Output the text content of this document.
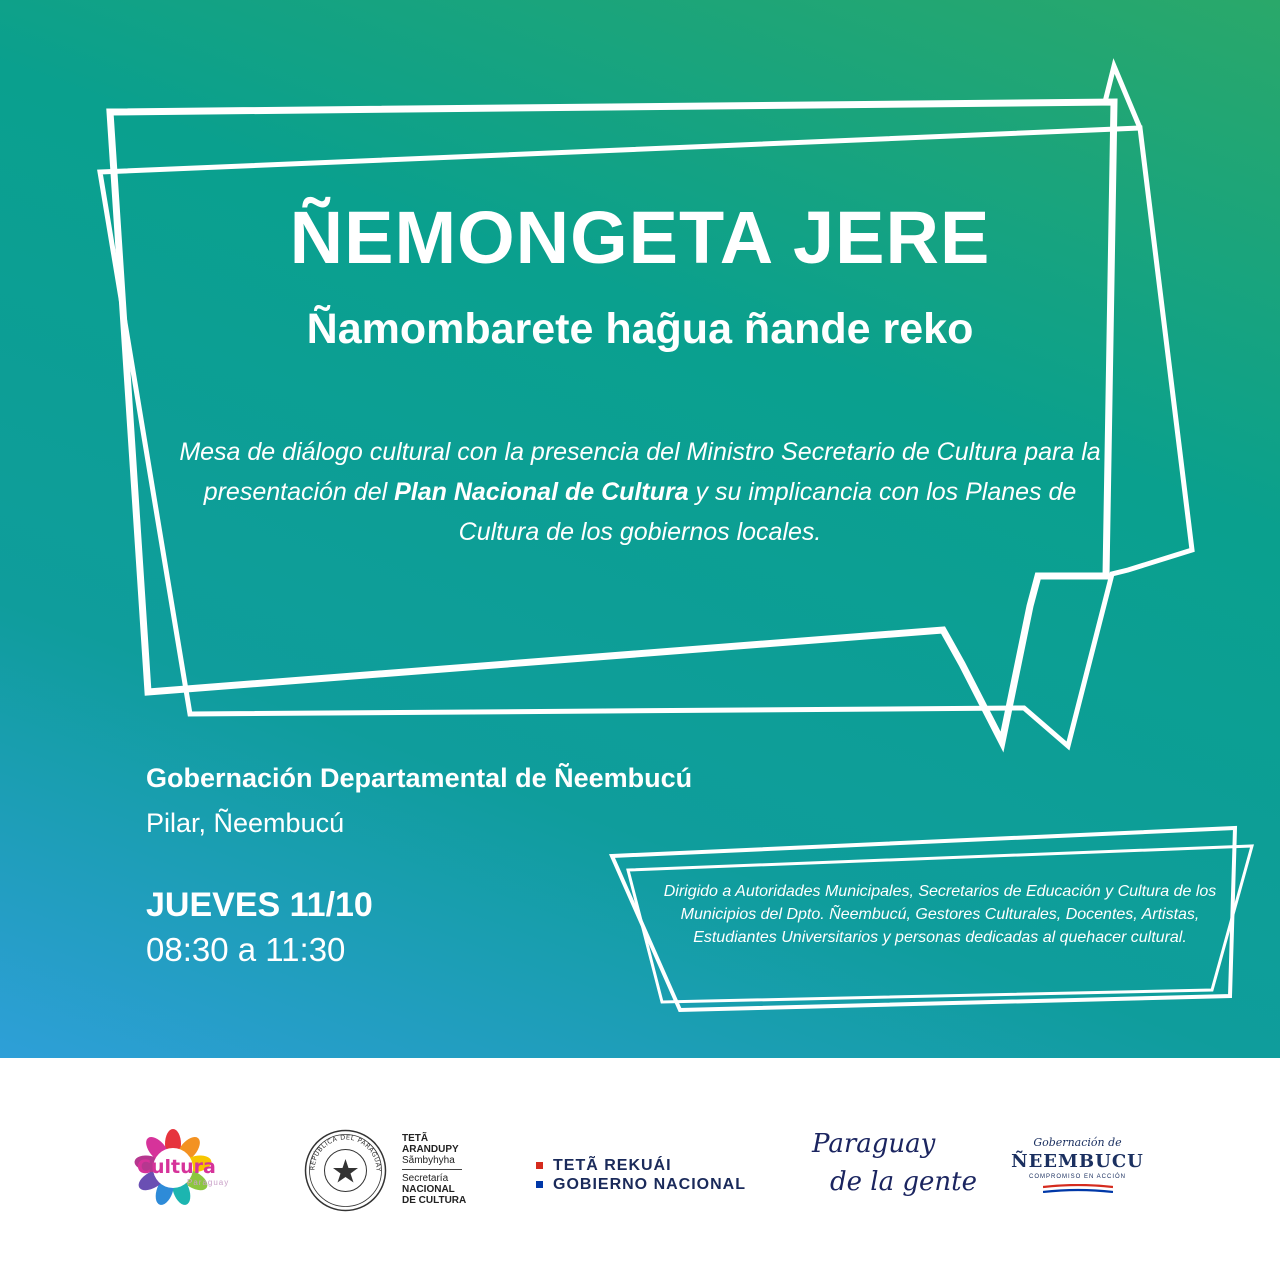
ÑEMONGETA JERE
Ñamombarete hag̃ua ñande reko

Mesa de diálogo cultural con la presencia del Ministro Secretario de Cultura para la presentación del Plan Nacional de Cultura y su implicancia con los Planes de Cultura de los gobiernos locales.

Gobernación Departamental de Ñeembucú

Pilar, Ñeembucú

JUEVES 11/10

08:30 a 11:30

Dirigido a Autoridades Municipales, Secretarios de Educación y Cultura de los Municipios del Dpto. Ñeembucú, Gestores Culturales, Docentes, Artistas, Estudiantes Universitarios y personas dedicadas al quehacer cultural.

Cultura
Paraguay
REPÚBLICA DEL PARAGUAY
TETÃ
ARANDUPY
Sãmbyhyha
Secretaría
NACIONAL
DE CULTURA
TETÃ REKUÁI
GOBIERNO NACIONAL
Paraguay
de la gente

Gobernación de

ÑEEMBUCU

COMPROMISO EN ACCIÓN
